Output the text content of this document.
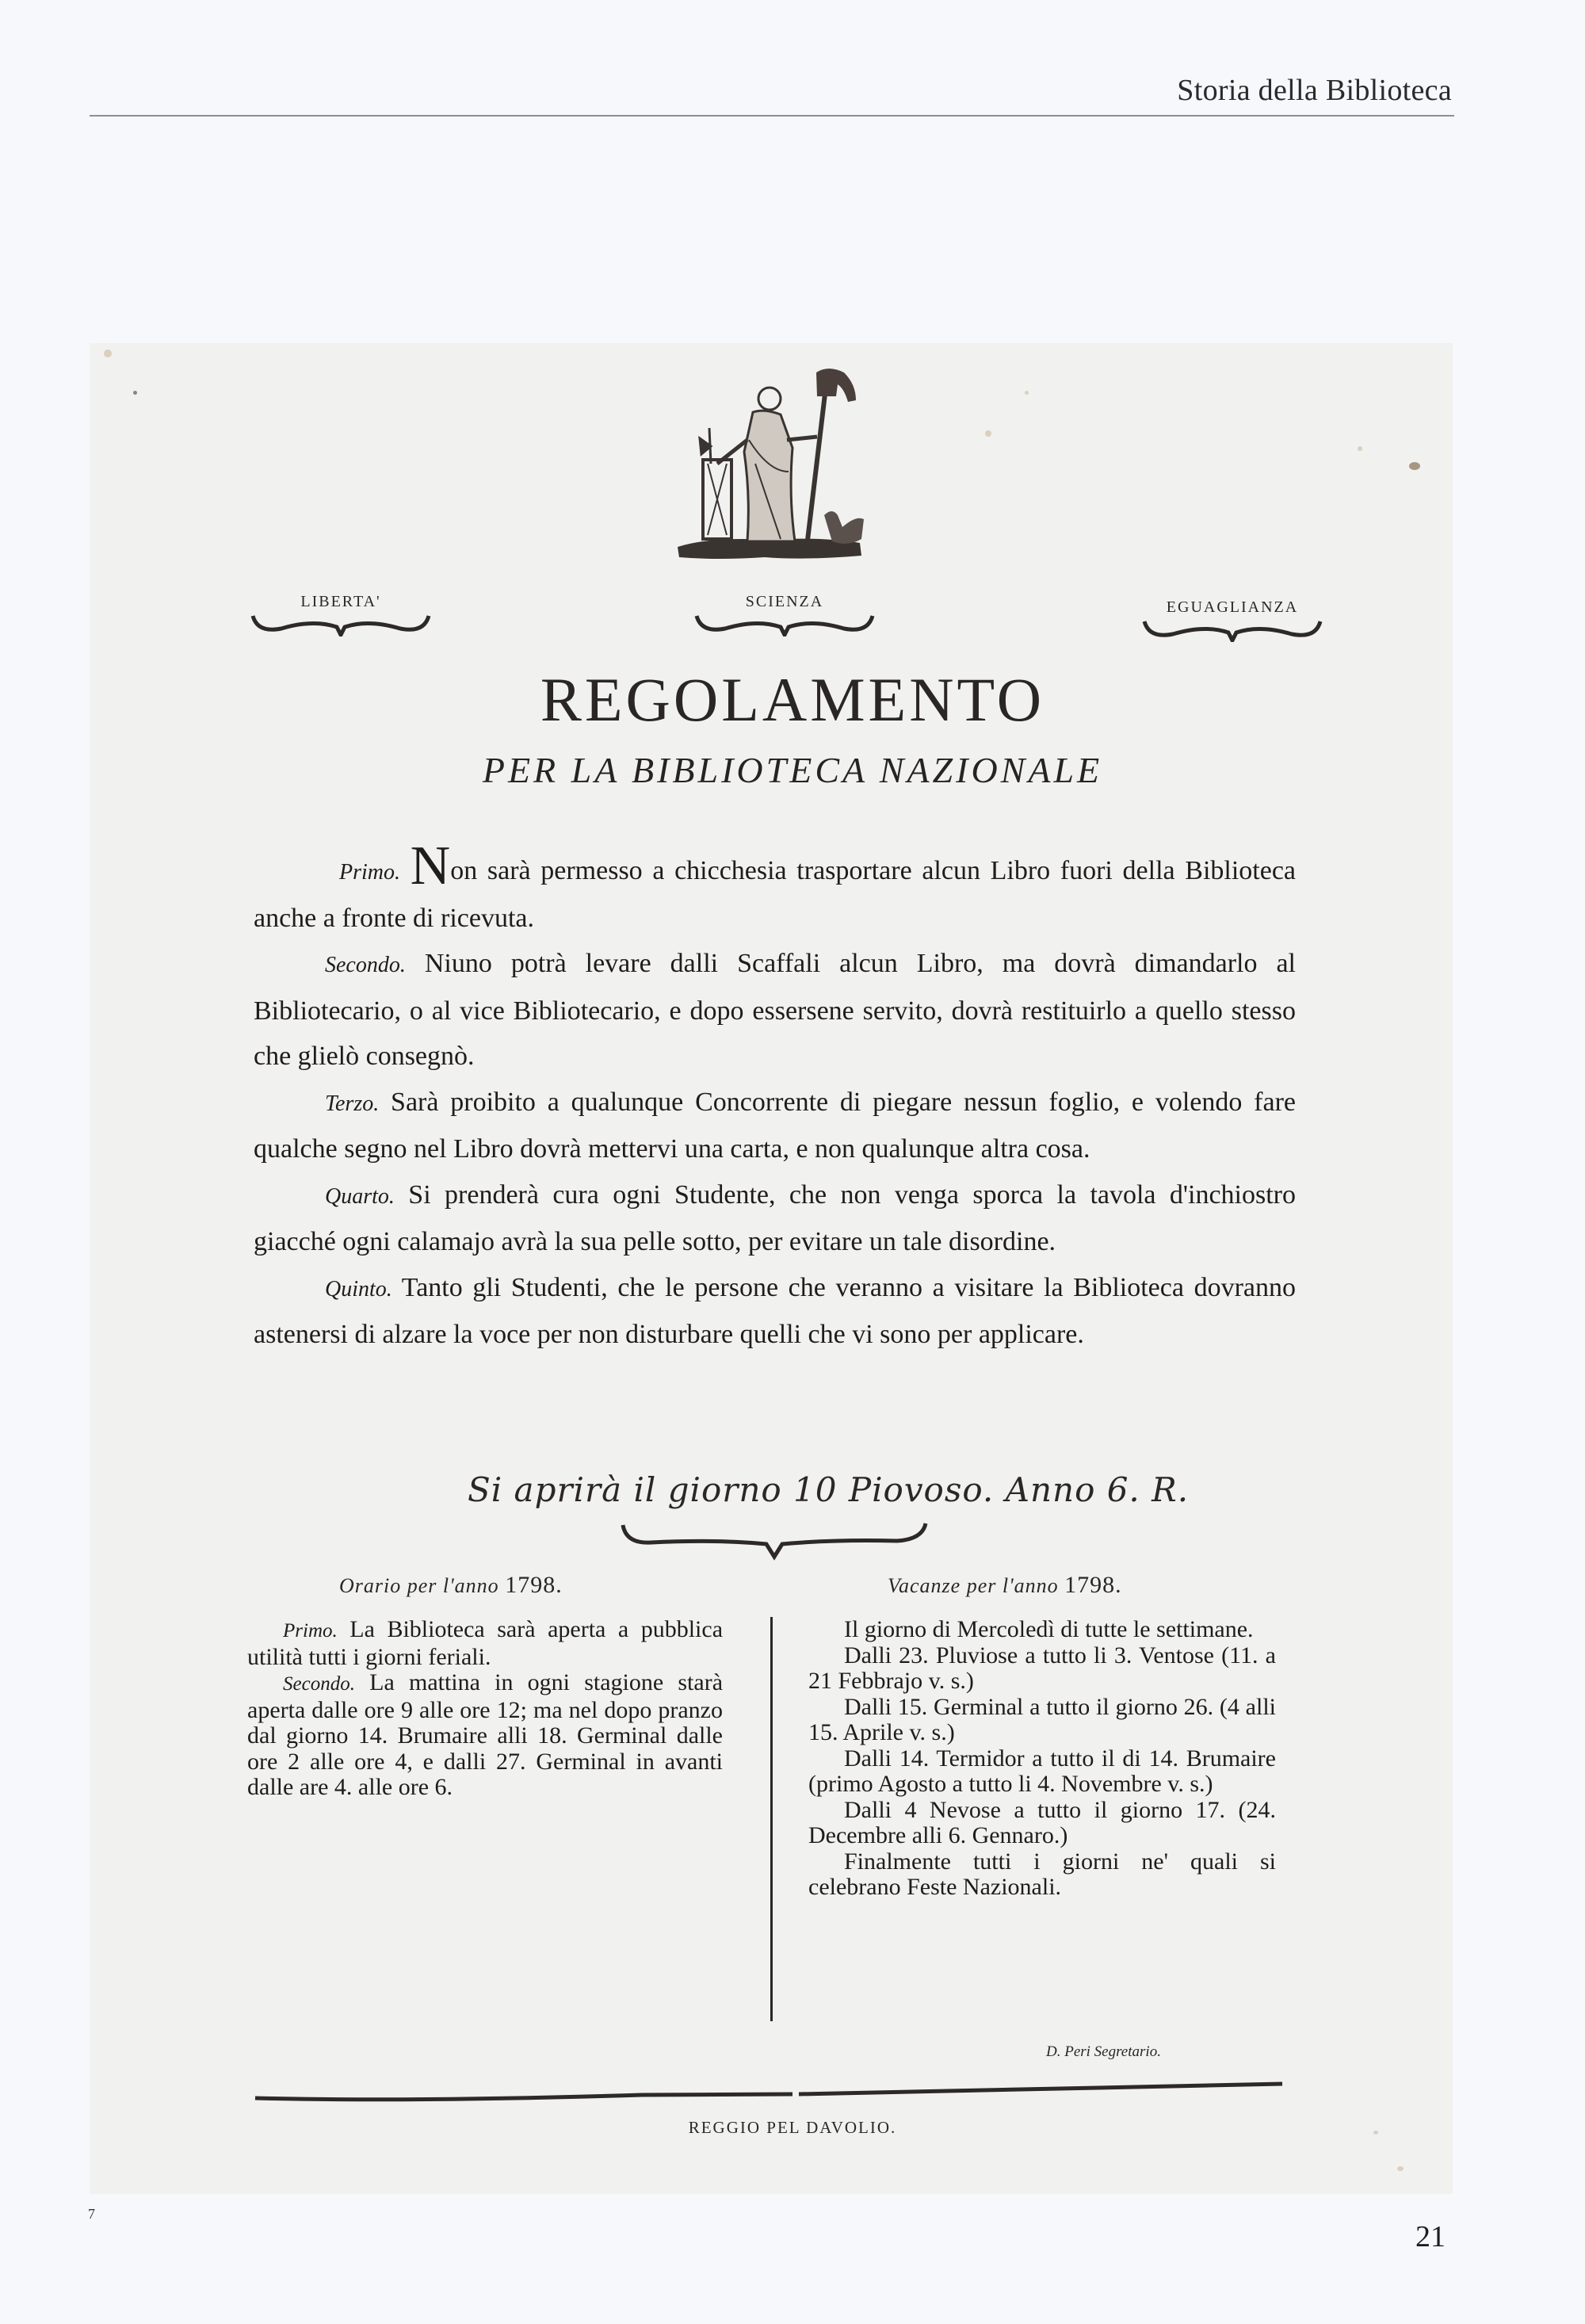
Storia della Biblioteca
LIBERTA'	SCIENZA	EGUAGLIANZA
REGOLAMENTO
PER LA BIBLIOTECA NAZIONALE

Primo. Non sarà permesso a chicchesia trasportare alcun Libro fuori della Biblioteca anche a fronte di ricevuta.

Secondo. Niuno potrà levare dalli Scaffali alcun Libro, ma dovrà dimandarlo al Bibliotecario, o al vice Bibliotecario, e dopo essersene servito, dovrà restituirlo a quello stesso che glielò consegnò.

Terzo. Sarà proibito a qualunque Concorrente di piegare nessun foglio, e volendo fare qualche segno nel Libro dovrà mettervi una carta, e non qualunque altra cosa.

Quarto. Si prenderà cura ogni Studente, che non venga sporca la tavola d'inchiostro giacché ogni calamajo avrà la sua pelle sotto, per evitare un tale disordine.

Quinto. Tanto gli Studenti, che le persone che veranno a visitare la Biblioteca dovranno astenersi di alzare la voce per non disturbare quelli che vi sono per applicare.

Si aprirà il giorno 10 Piovoso. Anno 6. R.
Orario per l'anno 1798.	Vacanze per l'anno 1798.

Primo. La Biblioteca sarà aperta a pubblica utilità tutti i giorni feriali.

Secondo. La mattina in ogni stagione starà aperta dalle ore 9 alle ore 12; ma nel dopo pranzo dal giorno 14. Brumaire alli 18. Germinal dalle ore 2 alle ore 4, e dalli 27. Germinal in avanti dalle are 4. alle ore 6.

Il giorno di Mercoledì di tutte le settimane.

Dalli 23. Pluviose a tutto li 3. Ventose (11. a 21 Febbrajo v. s.)

Dalli 15. Germinal a tutto il giorno 26. (4 alli 15. Aprile v. s.)

Dalli 14. Termidor a tutto il di 14. Brumaire (primo Agosto a tutto li 4. Novembre v. s.)

Dalli 4 Nevose a tutto il giorno 17. (24. Decembre alli 6. Gennaro.)

Finalmente tutti i giorni ne' quali si celebrano Feste Nazionali.

D. Peri Segretario.
REGGIO PEL DAVOLIO.
7
21
